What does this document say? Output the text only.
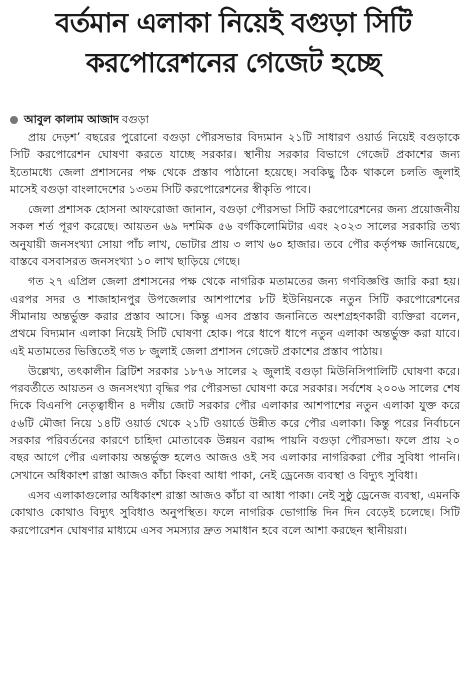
বর্তমান এলাকা নিয়েই বগুড়া সিটি
করপোরেশনের গেজেট হচ্ছে
আবুল কালাম আজাদ বগুড়া

প্রায় দেড়শ’ বছরের পুরোনো বগুড়া পৌরসভার বিদ্যমান ২১টি সাধারণ ওয়ার্ড নিয়েই বগুড়াকে সিটি করপোরেশন ঘোষণা করতে যাচ্ছে সরকার। স্থানীয় সরকার বিভাগে গেজেট প্রকাশের জন্য ইতোমধ্যে জেলা প্রশাসনের পক্ষ থেকে প্রস্তাব পাঠানো হয়েছে। সবকিছু ঠিক থাকলে চলতি জুলাই মাসেই বগুড়া বাংলাদেশের ১৩তম সিটি করপোরেশনের স্বীকৃতি পাবে।

জেলা প্রশাসক হোসনা আফরোজা জানান, বগুড়া পৌরসভা সিটি করপোরেশনের জন্য প্রয়োজনীয় সকল শর্ত পূরণ করেছে। আয়তন ৬৯ দশমিক ৫৬ বর্গকিলোমিটার এবং ২০২৩ সালের সরকারি তথ্য অনুযায়ী জনসংখ্যা সোয়া পাঁচ লাখ, ভোটার প্রায় ৩ লাখ ৬০ হাজার। তবে পৌর কর্তৃপক্ষ জানিয়েছে, বাস্তবে বসবাসরত জনসংখ্যা ১০ লাখ ছাড়িয়ে গেছে।

গত ২৭ এপ্রিল জেলা প্রশাসনের পক্ষ থেকে নাগরিক মতামতের জন্য গণবিজ্ঞপ্তি জারি করা হয়। এরপর সদর ও শাজাহানপুর উপজেলার আশপাশের ৮টি ইউনিয়নকে নতুন সিটি করপোরেশনের সীমানায় অন্তর্ভুক্ত করার প্রস্তাব আসে। কিন্তু এসব প্রস্তাব জনানিতে অংশগ্রহণকারী ব্যক্তিরা বলেন, প্রথমে বিদ্যমান এলাকা নিয়েই সিটি ঘোষণা হোক। পরে ধাপে ধাপে নতুন এলাকা অন্তর্ভুক্ত করা যাবে। এই মতামতের ভিত্তিতেই গত ৮ জুলাই জেলা প্রশাসন গেজেট প্রকাশের প্রস্তাব পাঠায়।

উল্লেখ্য, তৎকালীন ব্রিটিশ সরকার ১৮৭৬ সালের ২ জুলাই বগুড়া মিউনিসিপালিটি ঘোষণা করে। পরবর্তীতে আয়তন ও জনসংখ্যা বৃদ্ধির পর পৌরসভা ঘোষণা করে সরকার। সর্বশেষ ২০০৬ সালের শেষ দিকে বিএনপি নেতৃত্বাধীন ৪ দলীয় জোট সরকার পৌর এলাকার আশপাশের নতুন এলাকা যুক্ত করে ৫৬টি মৌজা নিয়ে ১৪টি ওয়ার্ড থেকে ২১টি ওয়ার্ডে উন্নীত করে পৌর এলাকা। কিন্তু পরের নির্বাচনে সরকার পরিবর্তনের কারণে চাহিদা মোতাবেক উন্নয়ন বরাদ্দ পায়নি বগুড়া পৌরসভা। ফলে প্রায় ২০ বছর আগে পৌর এলাকায় অন্তর্ভুক্ত হলেও আজও ওই সব এলাকার নাগরিকরা পৌর সুবিধা পাননি। সেখানে অধিকাংশ রাস্তা আজও কাঁচা কিংবা আধা পাকা, নেই ড্রেনেজ ব্যবস্থা ও বিদ্যুৎ সুবিধা।

এসব এলাকাগুলোর অধিকাংশ রাস্তা আজও কাঁচা বা আধা পাকা। নেই সুষ্ঠু ড্রেনেজ ব্যবস্থা, এমনকি কোথাও কোথাও বিদ্যুৎ সুবিধাও অনুপস্থিত। ফলে নাগরিক ভোগান্তি দিন দিন বেড়েই চলেছে। সিটি করপোরেশন ঘোষণার মাধ্যমে এসব সমস্যার দ্রুত সমাধান হবে বলে আশা করছেন স্থানীয়রা।
